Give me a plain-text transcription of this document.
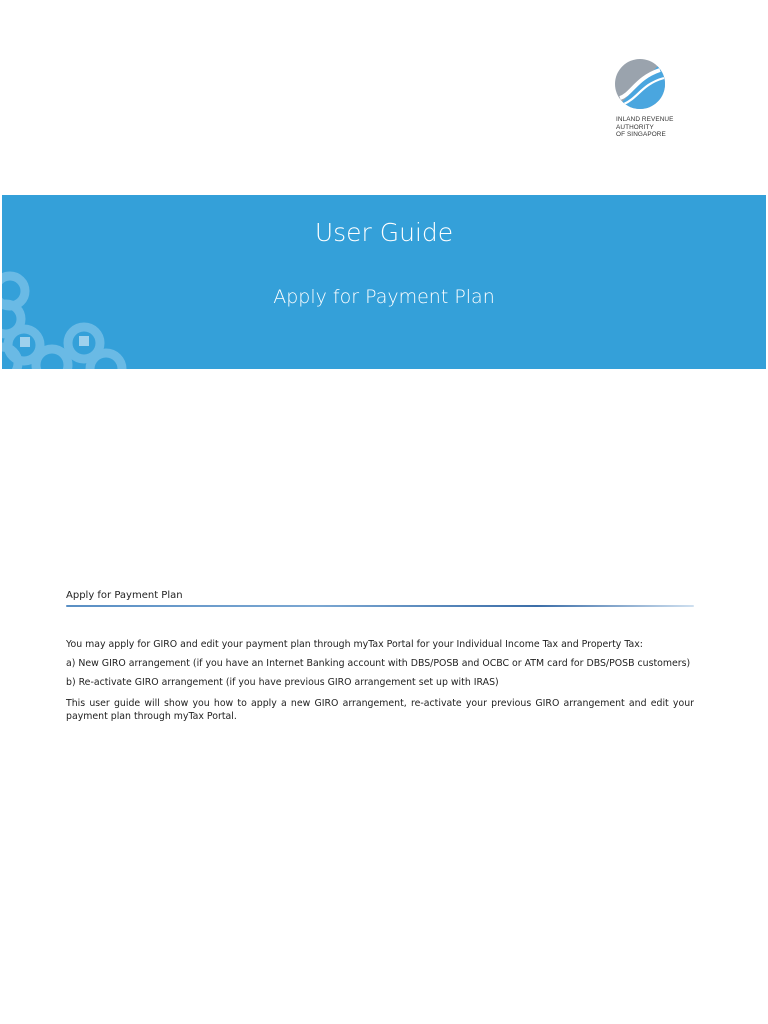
INLAND REVENUE
AUTHORITY
OF SINGAPORE
User Guide
Apply for Payment Plan
Apply for Payment Plan

You may apply for GIRO and edit your payment plan through myTax Portal for your Individual Income Tax and Property Tax:

a) New GIRO arrangement (if you have an Internet Banking account with DBS/POSB and OCBC or ATM card for DBS/POSB customers)

b) Re-activate GIRO arrangement (if you have previous GIRO arrangement set up with IRAS)

This user guide will show you how to apply a new GIRO arrangement, re-activate your previous GIRO arrangement and edit your payment plan through myTax Portal.
